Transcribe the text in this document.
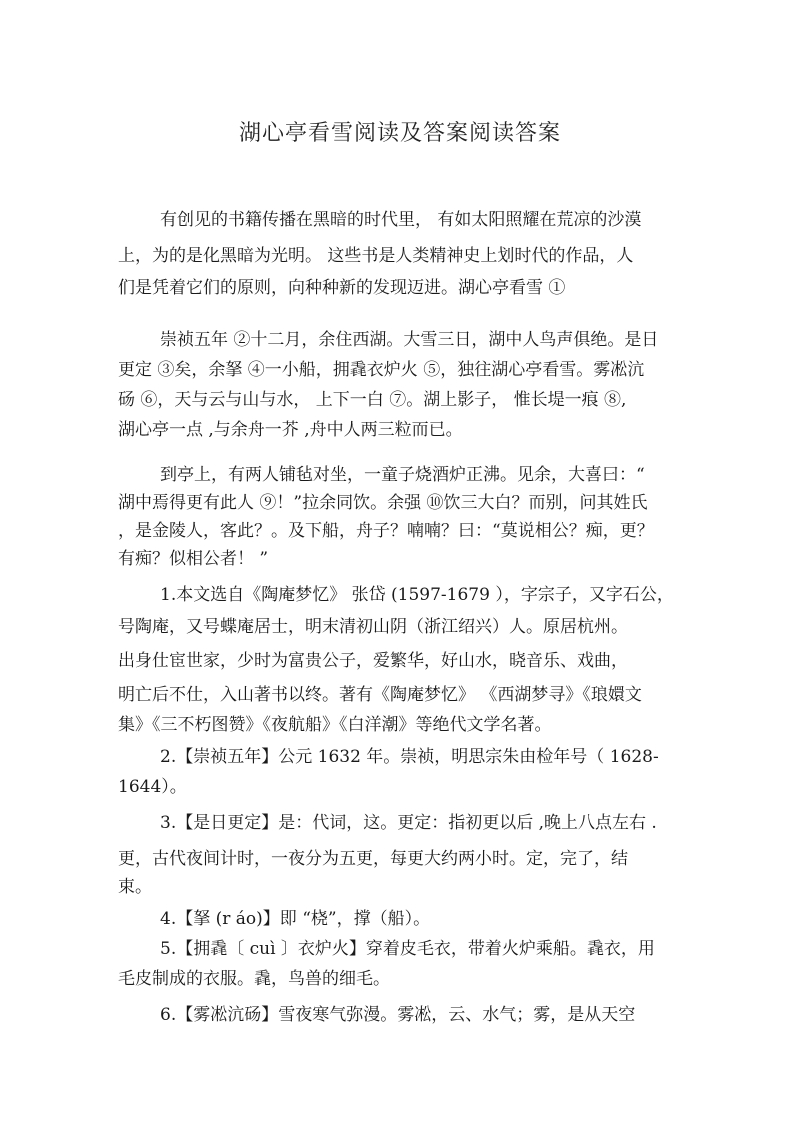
湖心亭看雪阅读及答案阅读答案
有创见的书籍传播在黑暗的时代里， 有如太阳照耀在荒凉的沙漠
上，为的是化黑暗为光明。 这些书是人类精神史上划时代的作品，人
们是凭着它们的原则，向种种新的发现迈进。湖心亭看雪 ①
崇祯五年 ②十二月，余住西湖。大雪三日，湖中人鸟声俱绝。是日
更定 ③矣，余拏 ④一小船，拥毳衣炉火 ⑤，独往湖心亭看雪。雾凇沆
砀 ⑥，天与云与山与水， 上下一白 ⑦。湖上影子， 惟长堤一痕 ⑧,
湖心亭一点 ,与余舟一芥 ,舟中人两三粒而已。
到亭上，有两人铺毡对坐，一童子烧酒炉正沸。见余，大喜曰：“
湖中焉得更有此人 ⑨！”拉余同饮。余强 ⑩饮三大白？而别，问其姓氏
，是金陵人，客此？。及下船，舟子？喃喃？曰：“莫说相公？痴，更？
有痴？似相公者！ ”
1.本文选自《陶庵梦忆》 张岱 (1597-1679 ），字宗子，又字石公，
号陶庵，又号蝶庵居士，明末清初山阴（浙江绍兴）人。原居杭州。
出身仕宦世家，少时为富贵公子，爱繁华，好山水，晓音乐、戏曲，
明亡后不仕，入山著书以终。著有《陶庵梦忆》 《西湖梦寻》《琅嬛文
集》《三不朽图赞》《夜航船》《白洋潮》等绝代文学名著。
2.【崇祯五年】公元 1632 年。崇祯，明思宗朱由检年号（ 1628-
1644）。
3.【是日更定】是：代词，这。更定：指初更以后 ,晚上八点左右 .
更，古代夜间计时，一夜分为五更，每更大约两小时。定，完了，结
束。
4.【拏 (r áo)】即 “桡”，撑（船）。
5.【拥毳〔 cuì 〕衣炉火】穿着皮毛衣，带着火炉乘船。毳衣，用
毛皮制成的衣服。毳，鸟兽的细毛。
6.【雾凇沆砀】雪夜寒气弥漫。雾凇，云、水气；雾，是从天空
